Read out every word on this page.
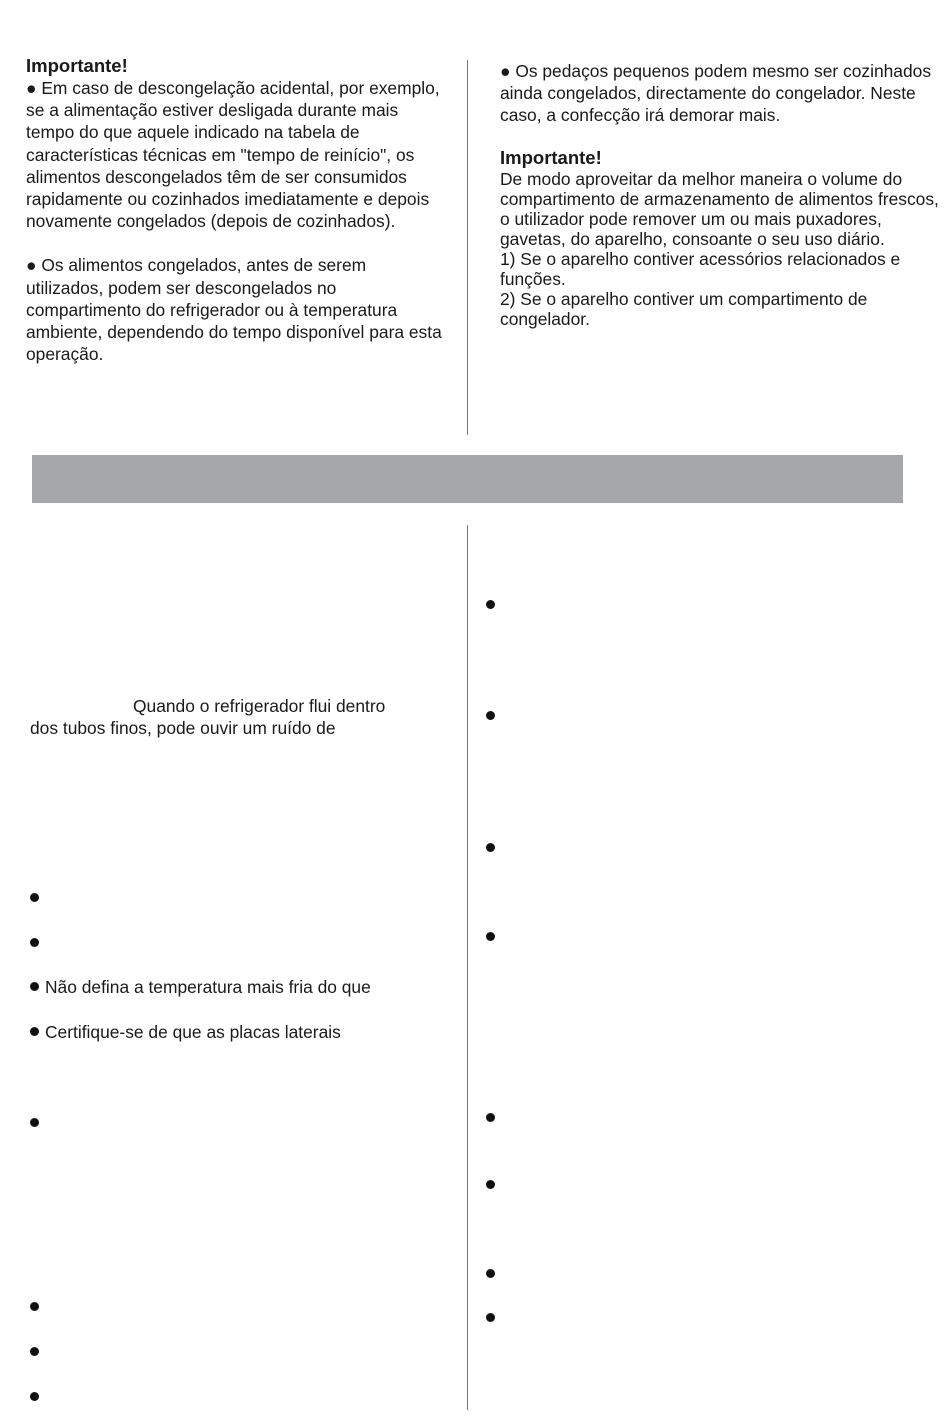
Importante!

● Em caso de descongelação acidental, por exemplo, se a alimentação estiver desligada durante mais tempo do que aquele indicado na tabela de características técnicas em "tempo de reinício", os alimentos descongelados têm de ser consumidos rapidamente ou cozinhados imediatamente e depois novamente congelados (depois de cozinhados).

● Os alimentos congelados, antes de serem utilizados, podem ser descongelados no compartimento do refrigerador ou à temperatura ambiente, dependendo do tempo disponível para esta operação.

● Os pedaços pequenos podem mesmo ser cozinhados ainda congelados, directamente do congelador. Neste caso, a confecção irá demorar mais.

Importante!

De modo aproveitar da melhor maneira o volume do compartimento de armazenamento de alimentos frescos, o utilizador pode remover um ou mais puxadores, gavetas, do aparelho, consoante o seu uso diário.

1) Se o aparelho contiver acessórios relacionados e funções.

2) Se o aparelho contiver um compartimento de congelador.

Quando o refrigerador flui dentro
dos tubos finos, pode ouvir um ruído de
Não defina a temperatura mais fria do que
Certifique-se de que as placas laterais
